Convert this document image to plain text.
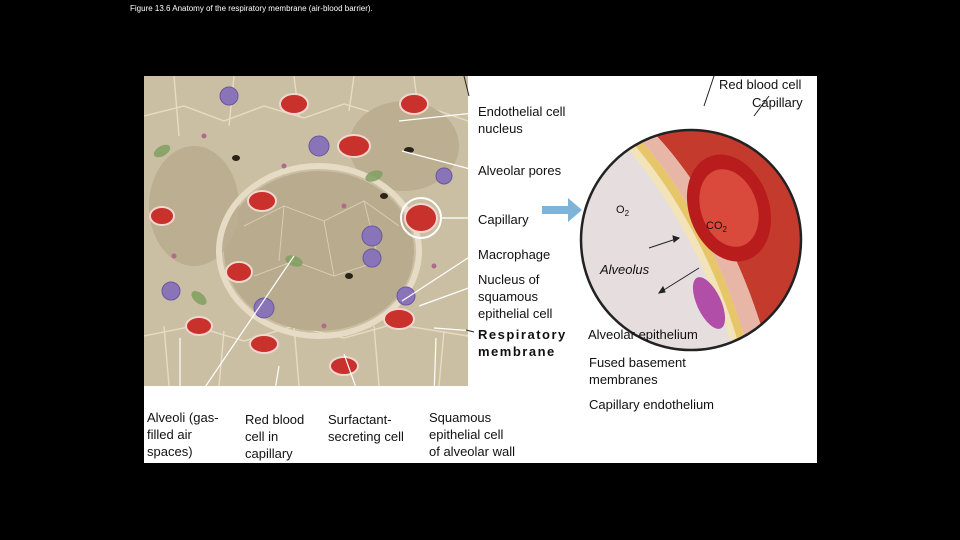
Figure 13.6 Anatomy of the respiratory membrane (air-blood barrier).
Red blood cell
Capillary
Endothelial cell
nucleus
Alveolar pores
Capillary
Macrophage
Nucleus of
squamous
epithelial cell
Respiratory
membrane
Alveoli (gas-
filled air
spaces)
Red blood
cell in
capillary
Surfactant-
secreting cell
Squamous
epithelial cell
of alveolar wall
Alveolus
Alveolar epithelium
Fused basement
membranes
Capillary endothelium
$O_2$
$CO_2$
